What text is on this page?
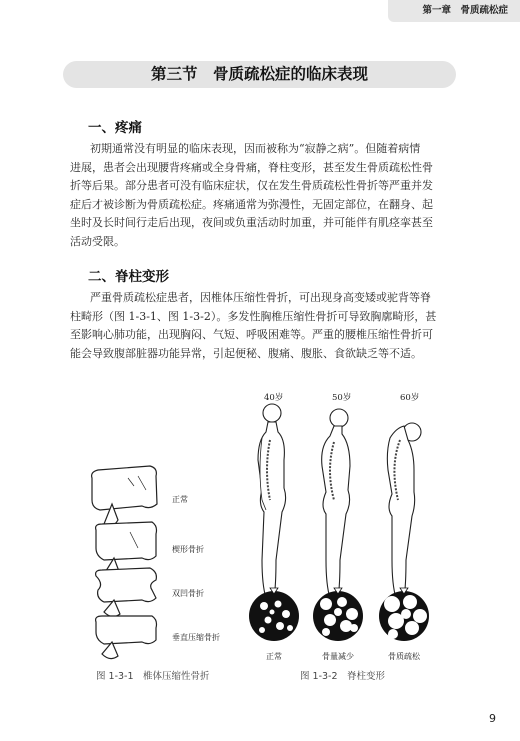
第一章　骨质疏松症
第三节　骨质疏松症的临床表现
一、疼痛
初期通常没有明显的临床表现，因而被称为“寂静之病”。但随着病情
进展，患者会出现腰背疼痛或全身骨痛，脊柱变形，甚至发生骨质疏松性骨
折等后果。部分患者可没有临床症状，仅在发生骨质疏松性骨折等严重并发
症后才被诊断为骨质疏松症。疼痛通常为弥漫性，无固定部位，在翻身、起
坐时及长时间行走后出现，夜间或负重活动时加重，并可能伴有肌痉挛甚至
活动受限。
二、脊柱变形
严重骨质疏松症患者，因椎体压缩性骨折，可出现身高变矮或驼背等脊
柱畸形（图 1-3-1、图 1-3-2）。多发性胸椎压缩性骨折可导致胸廓畸形，甚
至影响心肺功能，出现胸闷、气短、呼吸困难等。严重的腰椎压缩性骨折可
能会导致腹部脏器功能异常，引起便秘、腹痛、腹胀、食欲缺乏等不适。
正常
楔形骨折
双凹骨折
垂直压缩骨折
图 1-3-1　椎体压缩性骨折
40岁	50岁	60岁
正常	骨量减少	骨质疏松
图 1-3-2　脊柱变形
9
